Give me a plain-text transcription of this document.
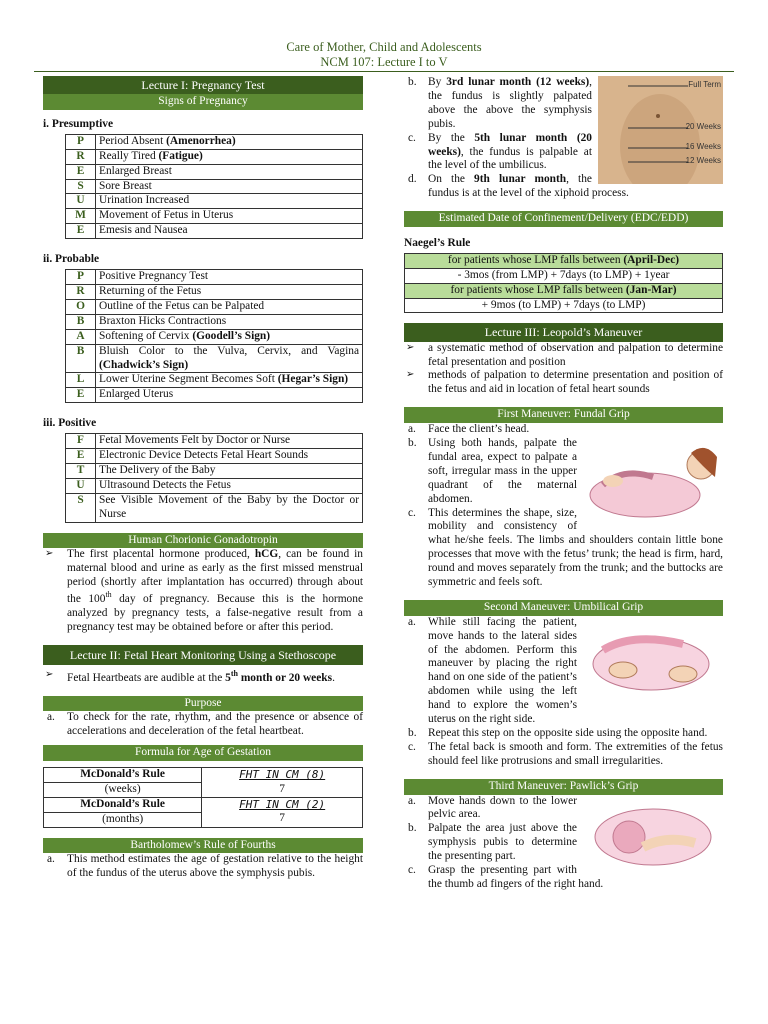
Care of Mother, Child and Adolescents
NCM 107: Lecture I to V
Lecture I: Pregnancy Test
Signs of Pregnancy
i. Presumptive
P	Period Absent (Amenorrhea)
R	Really Tired (Fatigue)
E	Enlarged Breast
S	Sore Breast
U	Urination Increased
M	Movement of Fetus in Uterus
E	Emesis and Nausea
ii. Probable
P	Positive Pregnancy Test
R	Returning of the Fetus
O	Outline of the Fetus can be Palpated
B	Braxton Hicks Contractions
A	Softening of Cervix (Goodell’s Sign)
B	Bluish Color to the Vulva, Cervix, and Vagina (Chadwick’s Sign)
L	Lower Uterine Segment Becomes Soft (Hegar’s Sign)
E	Enlarged Uterus
iii. Positive
F	Fetal Movements Felt by Doctor or Nurse
E	Electronic Device Detects Fetal Heart Sounds
T	The Delivery of the Baby
U	Ultrasound Detects the Fetus
S	See Visible Movement of the Baby by the Doctor or Nurse
Human Chorionic Gonadotropin
➢ The first placental hormone produced, hCG, can be found in maternal blood and urine as early as the first missed menstrual period (shortly after implantation has occurred) through about the 100th day of pregnancy. Because this is the hormone analyzed by pregnancy tests, a false-negative result from a pregnancy test may be obtained before or after this period.
Lecture II: Fetal Heart Monitoring Using a Stethoscope
➢ Fetal Heartbeats are audible at the 5th month or 20 weeks.
Purpose
a. To check for the rate, rhythm, and the presence or absence of accelerations and deceleration of the fetal heartbeat.
Formula for Age of Gestation
McDonald’s Rule	FHT IN CM (8)
(weeks)	7
McDonald’s Rule	FHT IN CM (2)
(months)	7
Bartholomew’s Rule of Fourths
a. This method estimates the age of gestation relative to the height of the fundus of the uterus above the symphysis pubis.
Full Term
20 Weeks
16 Weeks
12 Weeks
b. By 3rd lunar month (12 weeks), the fundus is slightly palpated above the above the symphysis pubis.
c. By the 5th lunar month (20 weeks), the fundus is palpable at the level of the umbilicus.
d. On the 9th lunar month, the fundus is at the level of the xiphoid process.
Estimated Date of Confinement/Delivery (EDC/EDD)
Naegel’s Rule
for patients whose LMP falls between (April-Dec)
- 3mos (from LMP) + 7days (to LMP) + 1year
for patients whose LMP falls between (Jan-Mar)
+ 9mos (to LMP) + 7days (to LMP)
Lecture III: Leopold’s Maneuver
➢ a systematic method of observation and palpation to determine fetal presentation and position
➢ methods of palpation to determine presentation and position of the fetus and aid in location of fetal heart sounds
First Maneuver: Fundal Grip
a. Face the client’s head.
b. Using both hands, palpate the fundal area, expect to palpate a soft, irregular mass in the upper quadrant of the maternal abdomen.
c. This determines the shape, size, mobility and consistency of what he/she feels. The limbs and shoulders contain little bone processes that move with the fetus’ trunk; the head is firm, hard, round and moves separately from the trunk; and the buttocks are symmetric and feels soft.
Second Maneuver: Umbilical Grip
a. While still facing the patient, move hands to the lateral sides of the abdomen. Perform this maneuver by placing the right hand on one side of the patient’s abdomen while using the left hand to explore the women’s uterus on the right side.
b. Repeat this step on the opposite side using the opposite hand.
c. The fetal back is smooth and form. The extremities of the fetus should feel like protrusions and small irregularities.
Third Maneuver: Pawlick’s Grip
a. Move hands down to the lower pelvic area.
b. Palpate the area just above the symphysis pubis to determine the presenting part.
c. Grasp the presenting part with the thumb ad fingers of the right hand.
